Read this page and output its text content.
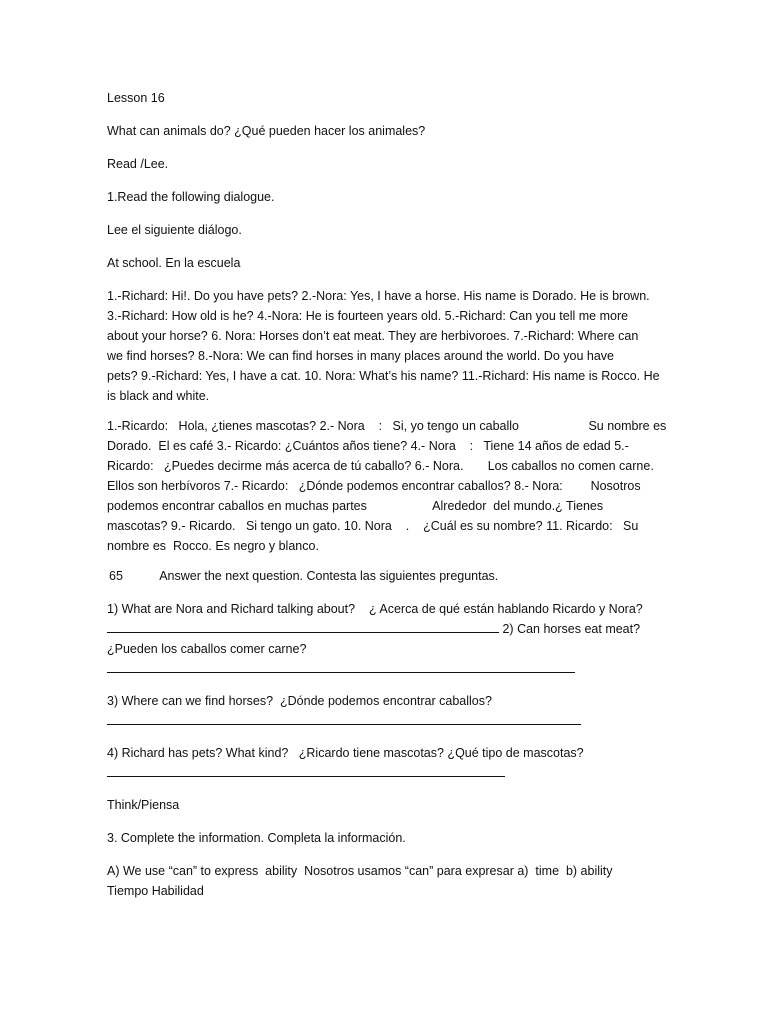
Lesson 16

What can animals do? ¿Qué pueden hacer los animales?

Read /Lee.

1.Read the following dialogue.

Lee el siguiente diálogo.

At school. En la escuela

1.-Richard: Hi!. Do you have pets? 2.-Nora: Yes, I have a horse. His name is Dorado. He is brown.
3.-Richard: How old is he? 4.-Nora: He is fourteen years old. 5.-Richard: Can you tell me more
about your horse? 6. Nora: Horses don’t eat meat. They are herbivoroes. 7.-Richard: Where can
we find horses? 8.-Nora: We can find horses in many places around the world. Do you have
pets? 9.-Richard: Yes, I have a cat. 10. Nora: What’s his name? 11.-Richard: His name is Rocco. He
is black and white.
1.-Ricardo:   Hola, ¿tienes mascotas? 2.- Nora    :   Si, yo tengo un caballo                    Su nombre es
Dorado.  El es café 3.- Ricardo: ¿Cuántos años tiene? 4.- Nora    :   Tiene 14 años de edad 5.-
Ricardo:   ¿Puedes decirme más acerca de tú caballo? 6.- Nora.       Los caballos no comen carne.
Ellos son herbívoros 7.- Ricardo:   ¿Dónde podemos encontrar caballos? 8.- Nora:        Nosotros
podemos encontrar caballos en muchas partes                   Alrededor  del mundo.¿ Tienes
mascotas? 9.- Ricardo.   Si tengo un gato. 10. Nora    .    ¿Cuál es su nombre? 11. Ricardo:   Su
nombre es  Rocco. Es negro y blanco.

65	Answer the next question. Contesta las siguientes preguntas.

1) What are Nora and Richard talking about?    ¿ Acerca de qué están hablando Ricardo y Nora?
2) Can horses eat meat?
¿Pueden los caballos comer carne?
3) Where can we find horses?  ¿Dónde podemos encontrar caballos?
4) Richard has pets? What kind?   ¿Ricardo tiene mascotas? ¿Qué tipo de mascotas?

Think/Piensa

3. Complete the information. Completa la información.

A) We use “can” to express  ability  Nosotros usamos “can” para expresar a)  time  b) ability
Tiempo Habilidad
